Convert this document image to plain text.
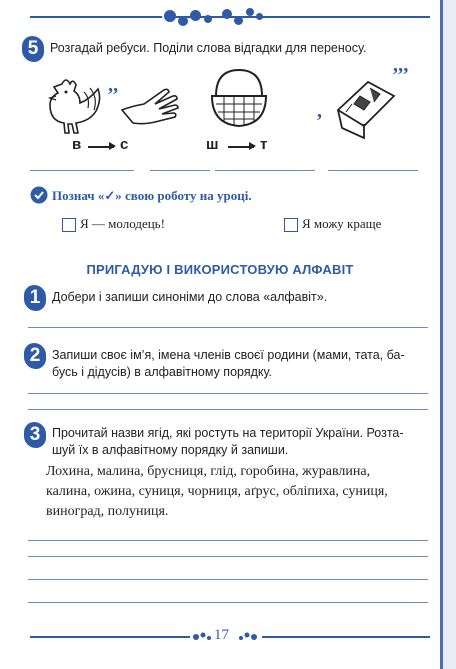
5 Розгадай ребуси. Поділи слова відгадки для переносу.
’’
в	с	ш	т
’
’’’
Познач «✓» свою роботу на уроці.
Я — молодець!	Я можу краще
ПРИГАДУЮ І ВИКОРИСТОВУЮ АЛФАВІТ
1 Добери і запиши синоніми до слова «алфавіт».
2 Запиши своє ім’я, імена членів своєї родини (мами, тата, ба-
бусь і дідусів) в алфавітному порядку.
3 Прочитай назви ягід, які ростуть на території України. Розта-
шуй їх в алфавітному порядку й запиши.
Лохина, малина, брусниця, глід, горобина, журавлина,
калина, ожина, суниця, чорниця, аґрус, обліпиха, суниця,
виноград, полуниця.
17
